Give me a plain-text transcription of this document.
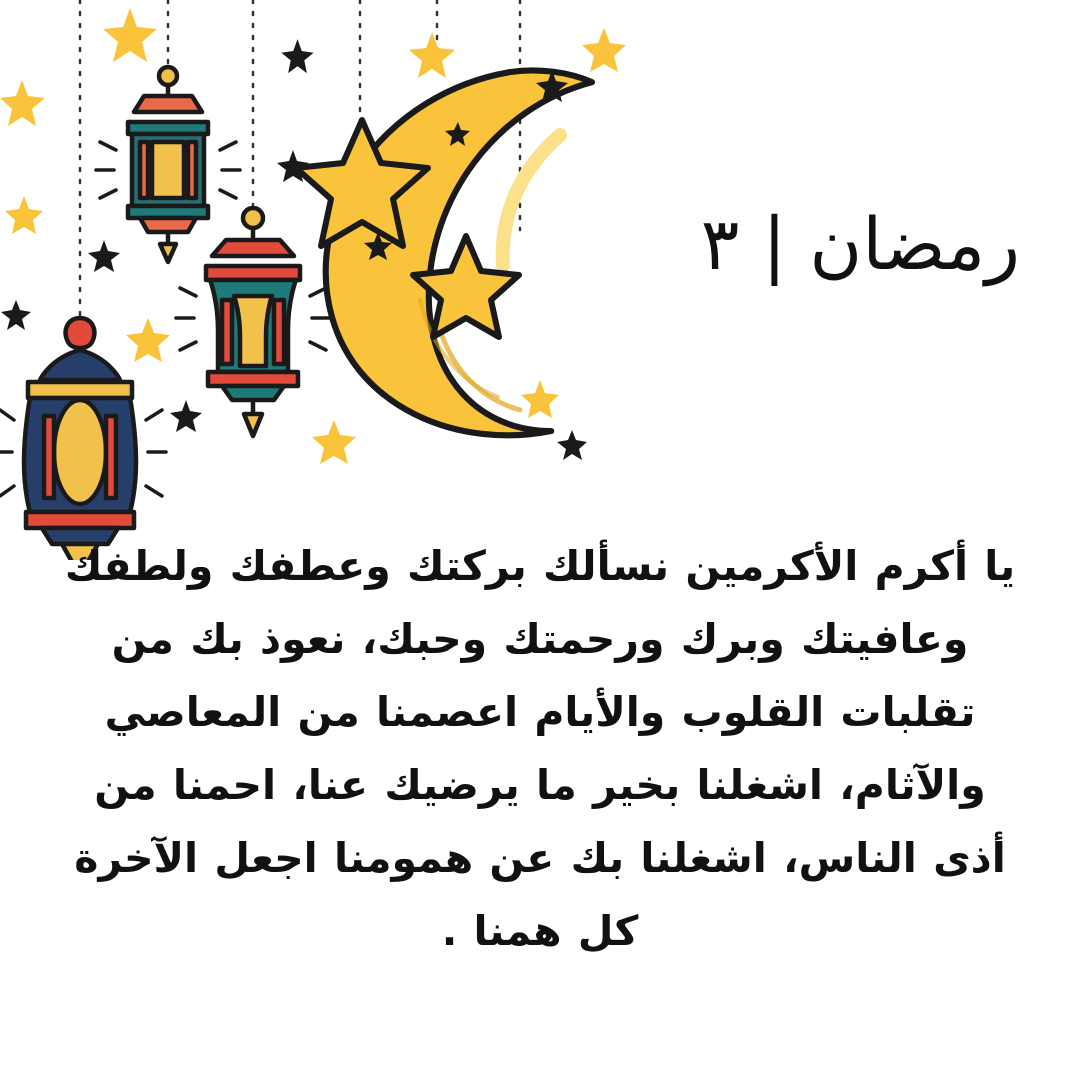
رمضان | ٣
يا أكرم الأكرمين نسألك بركتك وعطفك ولطفك وعافيتك وبرك ورحمتك وحبك، نعوذ بك من تقلبات القلوب والأيام اعصمنا من المعاصي والآثام، اشغلنا بخير ما يرضيك عنا، احمنا من أذى الناس، اشغلنا بك عن همومنا اجعل الآخرة كل همنا .
